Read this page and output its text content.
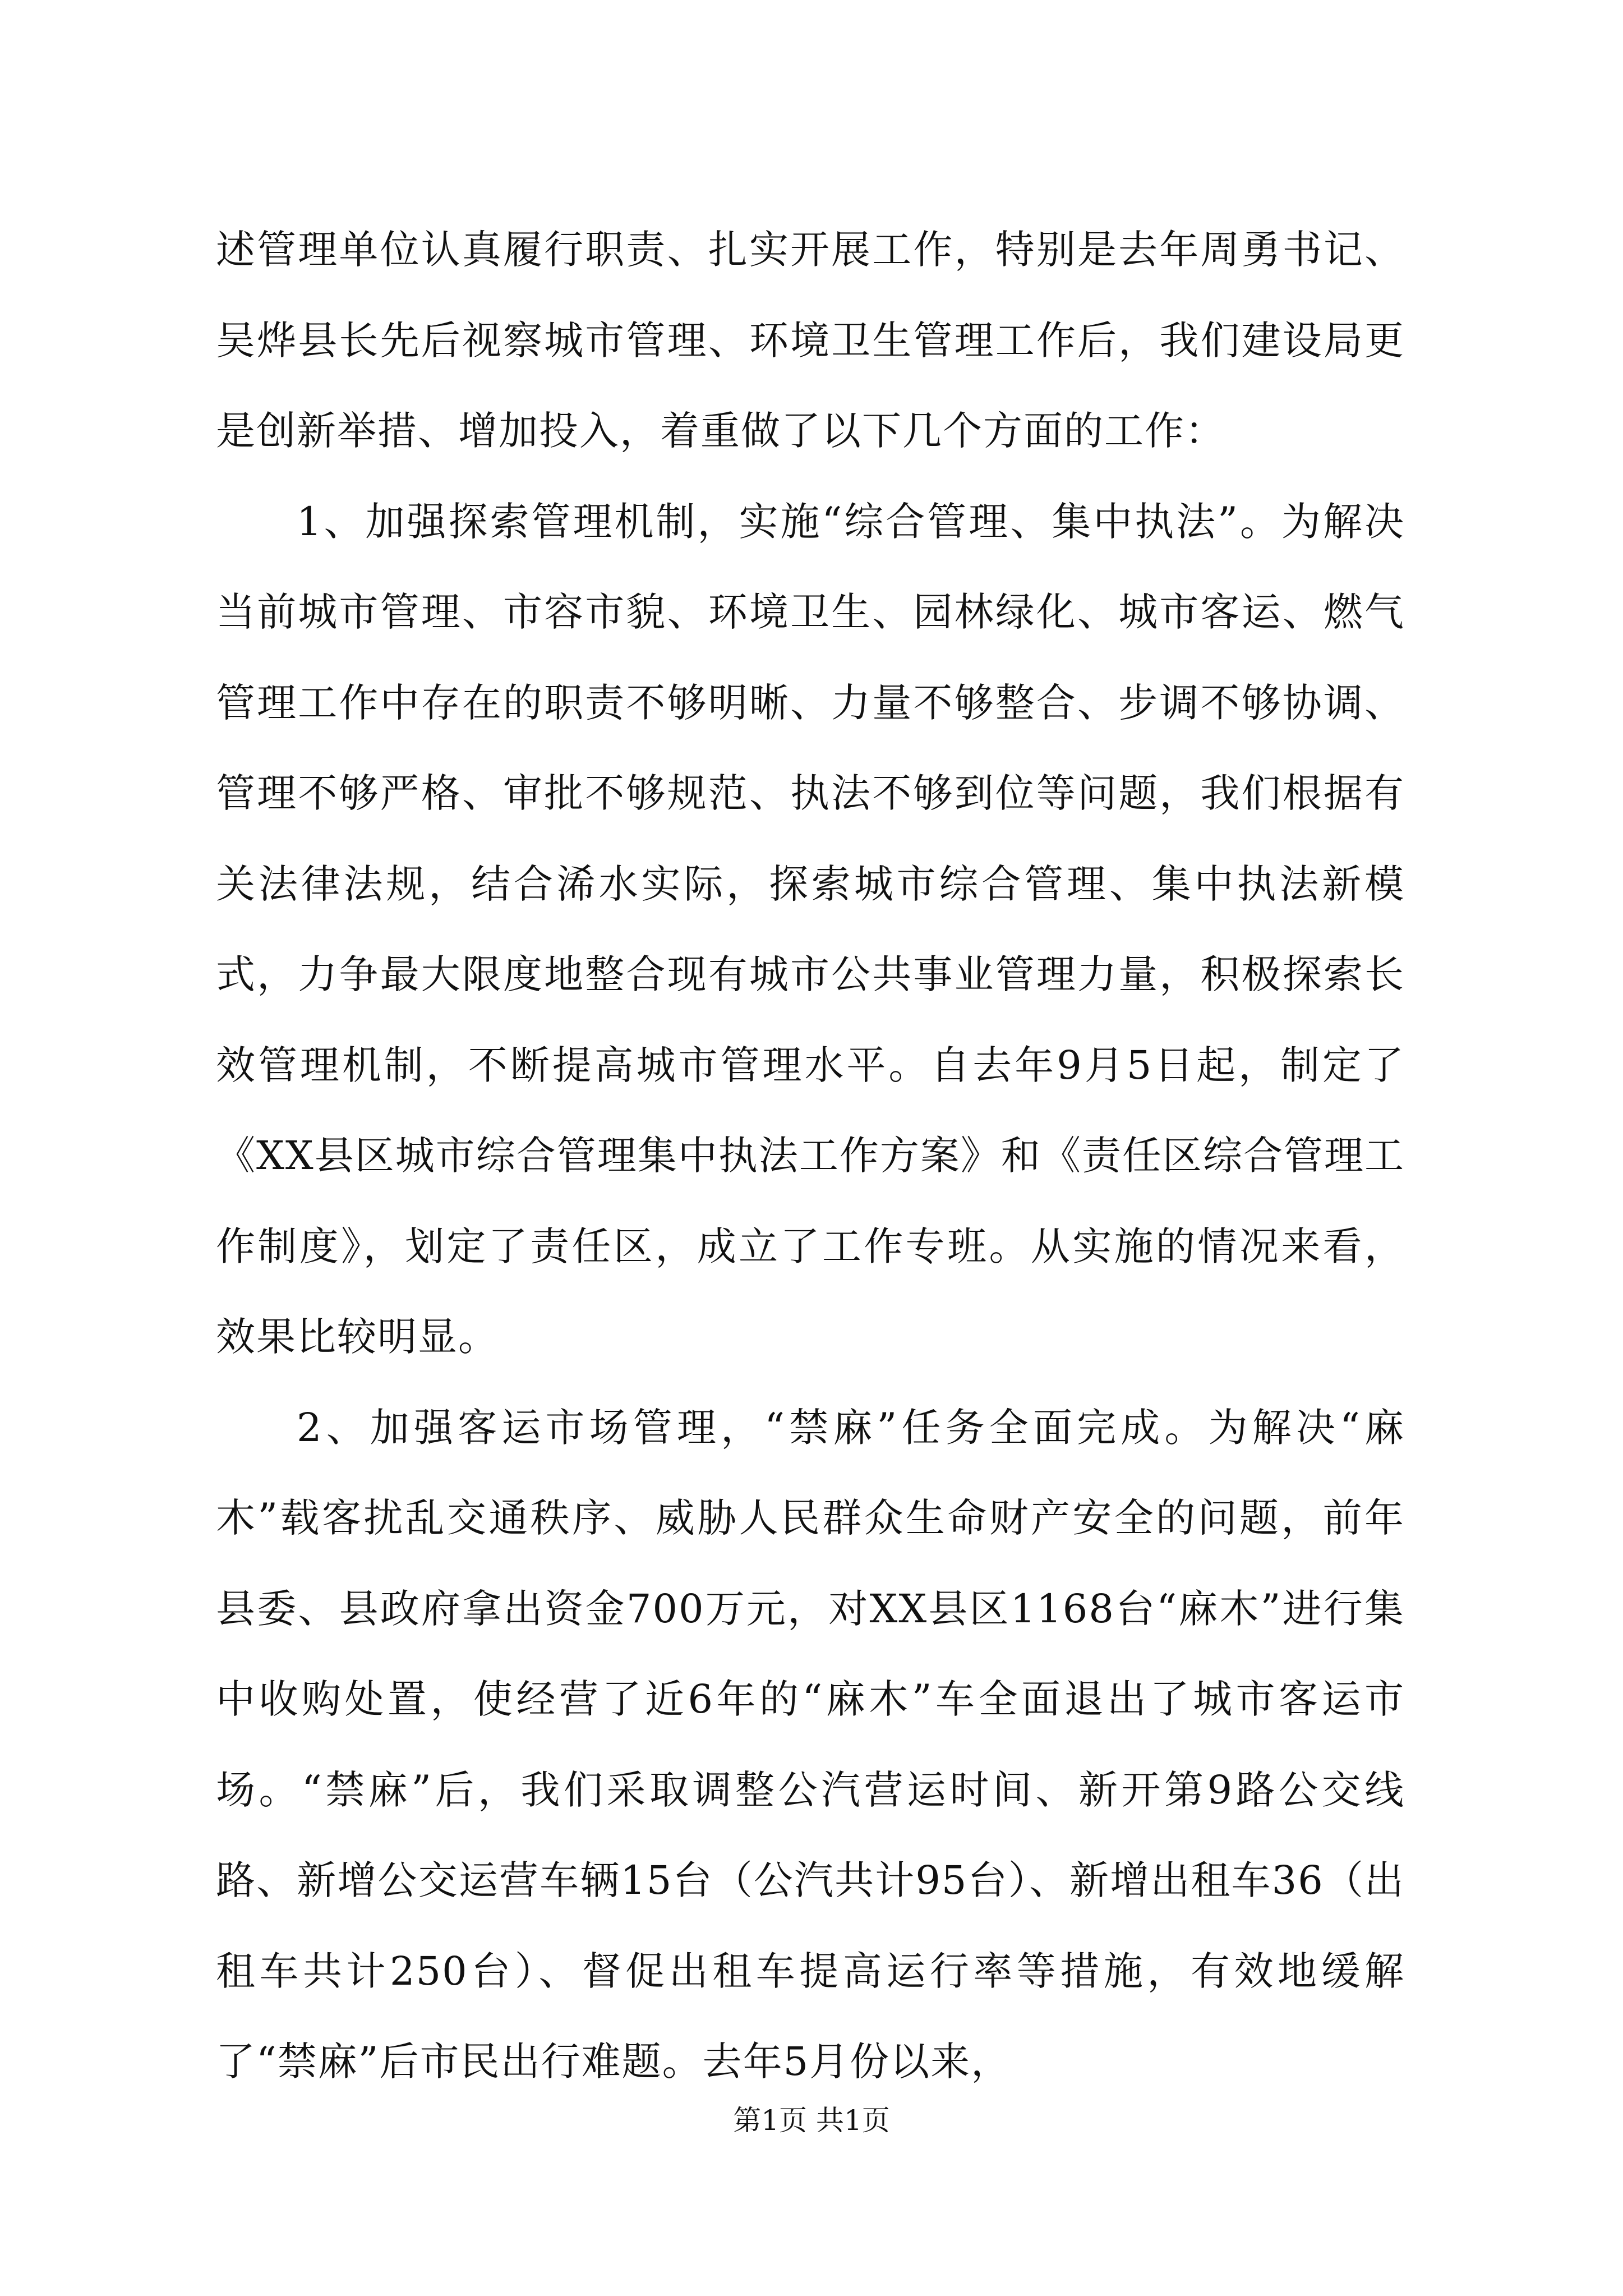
述管理单位认真履行职责、扎实开展工作，特别是去年周勇书记、吴烨县长先后视察城市管理、环境卫生管理工作后，我们建设局更是创新举措、增加投入，着重做了以下几个方面的工作：

1、加强探索管理机制，实施“综合管理、集中执法”。为解决当前城市管理、市容市貌、环境卫生、园林绿化、城市客运、燃气管理工作中存在的职责不够明晰、力量不够整合、步调不够协调、管理不够严格、审批不够规范、执法不够到位等问题，我们根据有关法律法规，结合浠水实际，探索城市综合管理、集中执法新模式，力争最大限度地整合现有城市公共事业管理力量，积极探索长效管理机制，不断提高城市管理水平。自去年9月5日起，制定了《XX县区城市综合管理集中执法工作方案》和《责任区综合管理工作制度》，划定了责任区，成立了工作专班。从实施的情况来看，效果比较明显。

2、加强客运市场管理，“禁麻”任务全面完成。为解决“麻木”载客扰乱交通秩序、威胁人民群众生命财产安全的问题，前年县委、县政府拿出资金700万元，对XX县区1168台“麻木”进行集中收购处置，使经营了近6年的“麻木”车全面退出了城市客运市场。“禁麻”后，我们采取调整公汽营运时间、新开第9路公交线路、新增公交运营车辆15台（公汽共计95台）、新增出租车36（出租车共计250台）、督促出租车提高运行率等措施，有效地缓解了“禁麻”后市民出行难题。去年5月份以来，

第1页 共1页
